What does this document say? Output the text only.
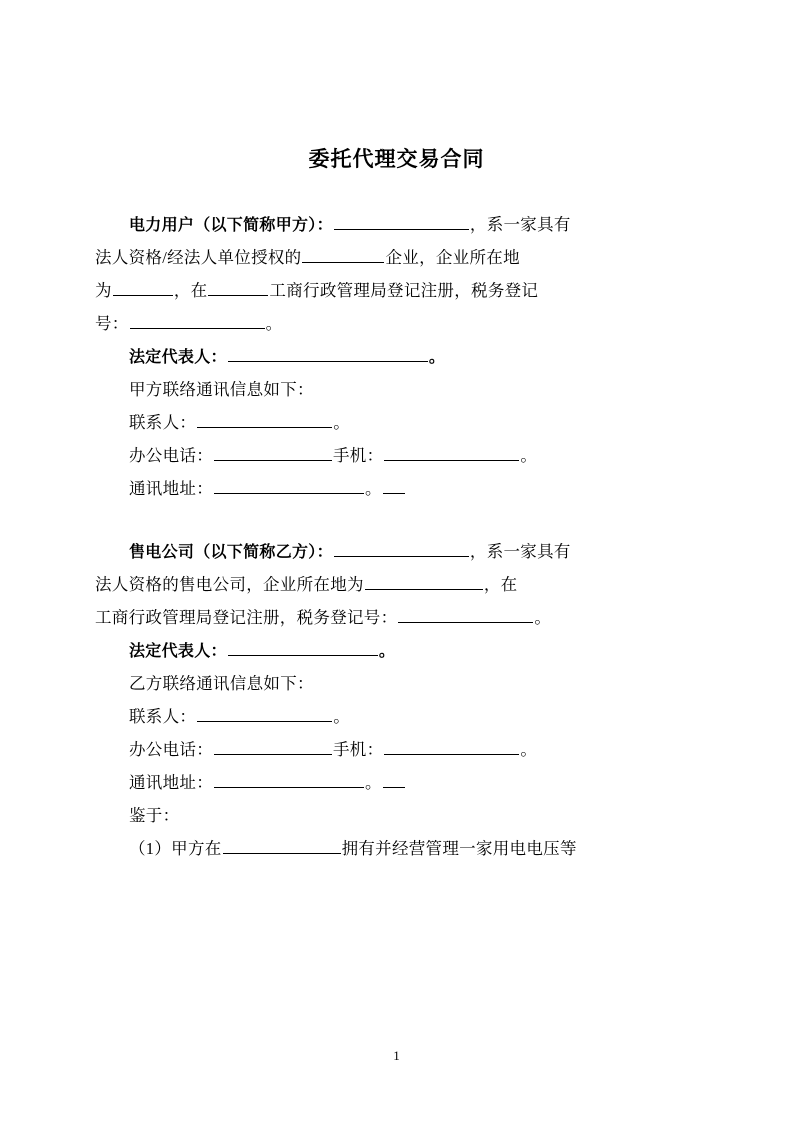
委托代理交易合同

电力用户（以下简称甲方）：	，系一家具有

法人资格/经法人单位授权的	企业，企业所在地

为	，在	工商行政管理局登记注册，税务登记

号：	。

法定代表人：	。

甲方联络通讯信息如下：

联系人：	。

办公电话：	手机：	。

通讯地址：	。

售电公司（以下简称乙方）：	，系一家具有

法人资格的售电公司，企业所在地为	，在

工商行政管理局登记注册，税务登记号：	。

法定代表人：	。

乙方联络通讯信息如下：

联系人：	。

办公电话：	手机：	。

通讯地址：	。

鉴于：

（1）甲方在	拥有并经营管理一家用电电压等

1
